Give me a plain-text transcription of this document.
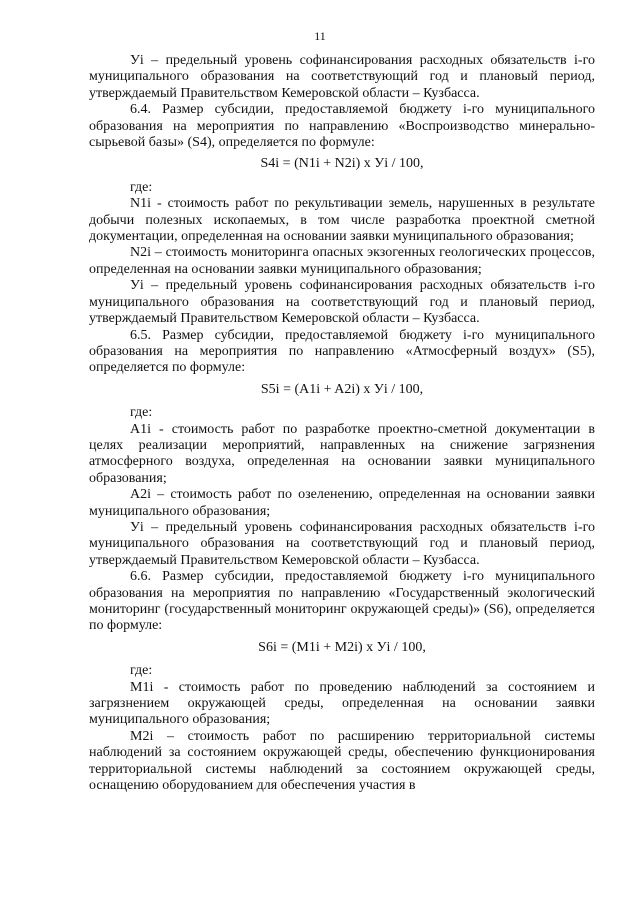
11

Уi – предельный уровень софинансирования расходных обязательств i-го муниципального образования на соответствующий год и плановый период, утверждаемый Правительством Кемеровской области – Кузбасса.

6.4. Размер субсидии, предоставляемой бюджету i-го муниципального образования на мероприятия по направлению «Воспроизводство минерально-сырьевой базы» (S4), определяется по формуле:

S4i = (N1i + N2i) x Уi / 100,

где:

N1i - стоимость работ по рекультивации земель, нарушенных в результате добычи полезных ископаемых, в том числе разработка проектной сметной документации, определенная на основании заявки муниципального образования;

N2i – стоимость мониторинга опасных экзогенных геологических процессов, определенная на основании заявки муниципального образования;

Уi – предельный уровень софинансирования расходных обязательств i-го муниципального образования на соответствующий год и плановый период, утверждаемый Правительством Кемеровской области – Кузбасса.

6.5. Размер субсидии, предоставляемой бюджету i-го муниципального образования на мероприятия по направлению «Атмосферный воздух» (S5), определяется по формуле:

S5i = (A1i + A2i) x Уi / 100,

где:

A1i - стоимость работ по разработке проектно-сметной документации в целях реализации мероприятий, направленных на снижение загрязнения атмосферного воздуха, определенная на основании заявки муниципального образования;

A2i – стоимость работ по озеленению, определенная на основании заявки муниципального образования;

Уi – предельный уровень софинансирования расходных обязательств i-го муниципального образования на соответствующий год и плановый период, утверждаемый Правительством Кемеровской области – Кузбасса.

6.6. Размер субсидии, предоставляемой бюджету i-го муниципального образования на мероприятия по направлению «Государственный экологический мониторинг (государственный мониторинг окружающей среды)» (S6), определяется по формуле:

S6i = (M1i + M2i) x Уi / 100,

где:

M1i - стоимость работ по проведению наблюдений за состоянием и загрязнением окружающей среды, определенная на основании заявки муниципального образования;

M2i – стоимость работ по расширению территориальной системы наблюдений за состоянием окружающей среды, обеспечению функционирования территориальной системы наблюдений за состоянием окружающей среды, оснащению оборудованием для обеспечения участия в
